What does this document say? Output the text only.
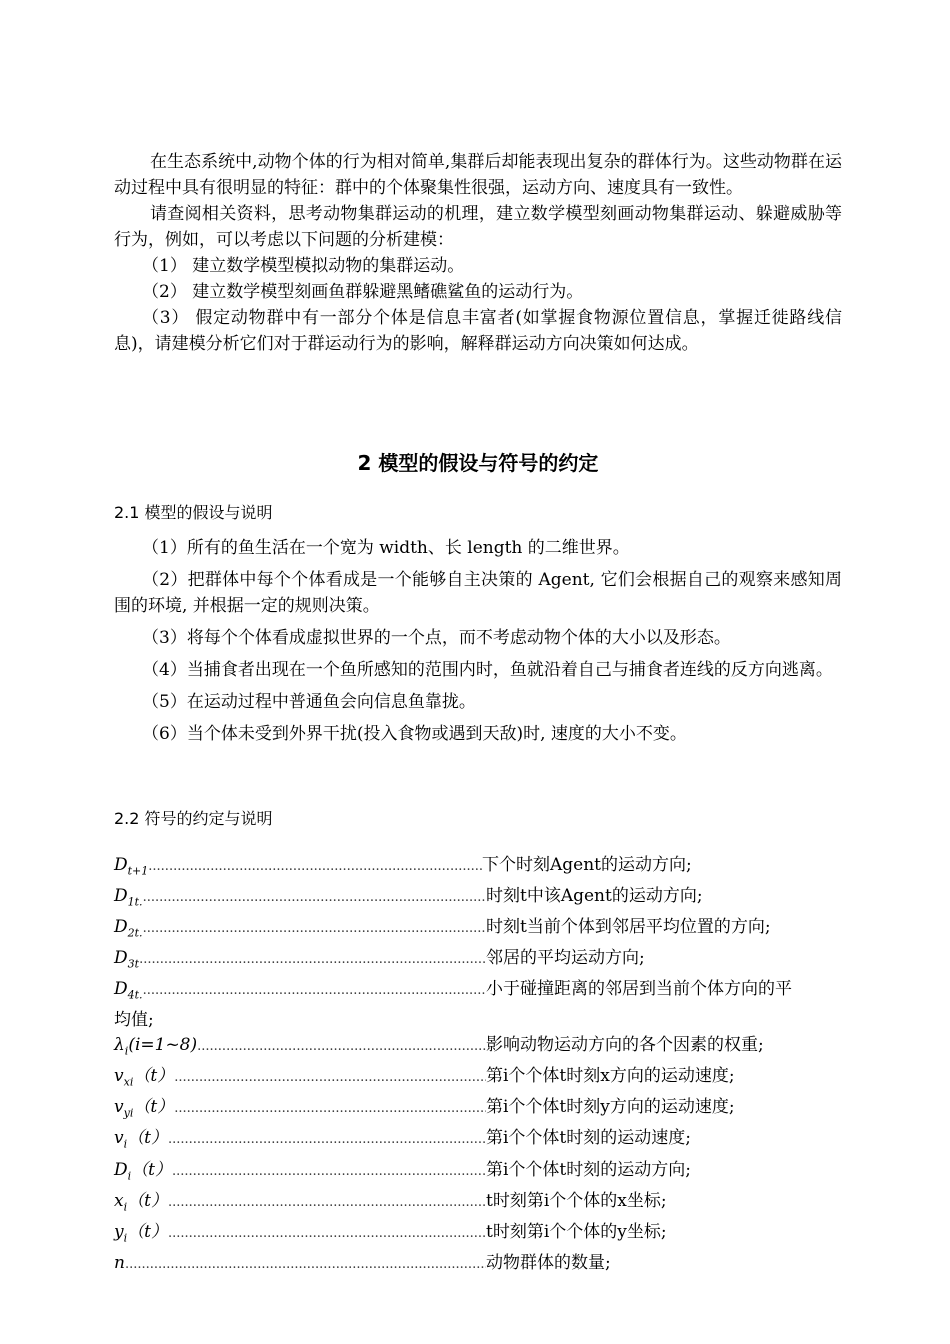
在生态系统中,动物个体的行为相对简单,集群后却能表现出复杂的群体行为。这些动物群在运动过程中具有很明显的特征：群中的个体聚集性很强，运动方向、速度具有一致性。

请查阅相关资料，思考动物集群运动的机理，建立数学模型刻画动物集群运动、躲避威胁等行为，例如，可以考虑以下问题的分析建模：

（1） 建立数学模型模拟动物的集群运动。

（2） 建立数学模型刻画鱼群躲避黑鳍礁鲨鱼的运动行为。

（3） 假定动物群中有一部分个体是信息丰富者(如掌握食物源位置信息，掌握迁徙路线信息)，请建模分析它们对于群运动行为的影响，解释群运动方向决策如何达成。

2 模型的假设与符号的约定
2.1 模型的假设与说明

（1）所有的鱼生活在一个宽为 width、长 length 的二维世界。

（2）把群体中每个个体看成是一个能够自主决策的 Agent, 它们会根据自己的观察来感知周围的环境, 并根据一定的规则决策。

（3）将每个个体看成虚拟世界的一个点，而不考虑动物个体的大小以及形态。

（4）当捕食者出现在一个鱼所感知的范围内时，鱼就沿着自己与捕食者连线的反方向逃离。

（5）在运动过程中普通鱼会向信息鱼靠拢。

（6）当个体未受到外界干扰(投入食物或遇到天敌)时, 速度的大小不变。

2.2 符号的约定与说明
$D_{t+1}$ .....	下个时刻Agent的运动方向;
$D_{1t.}$ .....	时刻t中该Agent的运动方向;
$D_{2t.}$ .....	时刻t当前个体到邻居平均位置的方向;
$D_{3t}$ .....	邻居的平均运动方向;
$D_{4t.}$ .....	小于碰撞距离的邻居到当前个体方向的平
均值;
$\lambda_i(i=1\sim 8)$ .....	影响动物运动方向的各个因素的权重;
$v_{xi}(t)$ .....	第i个个体t时刻x方向的运动速度;
$v_{yi}(t)$ .....	第i个个体t时刻y方向的运动速度;
$v_i(t)$ .....	第i个个体t时刻的运动速度;
$D_i(t)$ .....	第i个个体t时刻的运动方向;
$x_i(t)$ .....	t时刻第i个个体的x坐标;
$y_i(t)$ .....	t时刻第i个个体的y坐标;
n .....	动物群体的数量;
